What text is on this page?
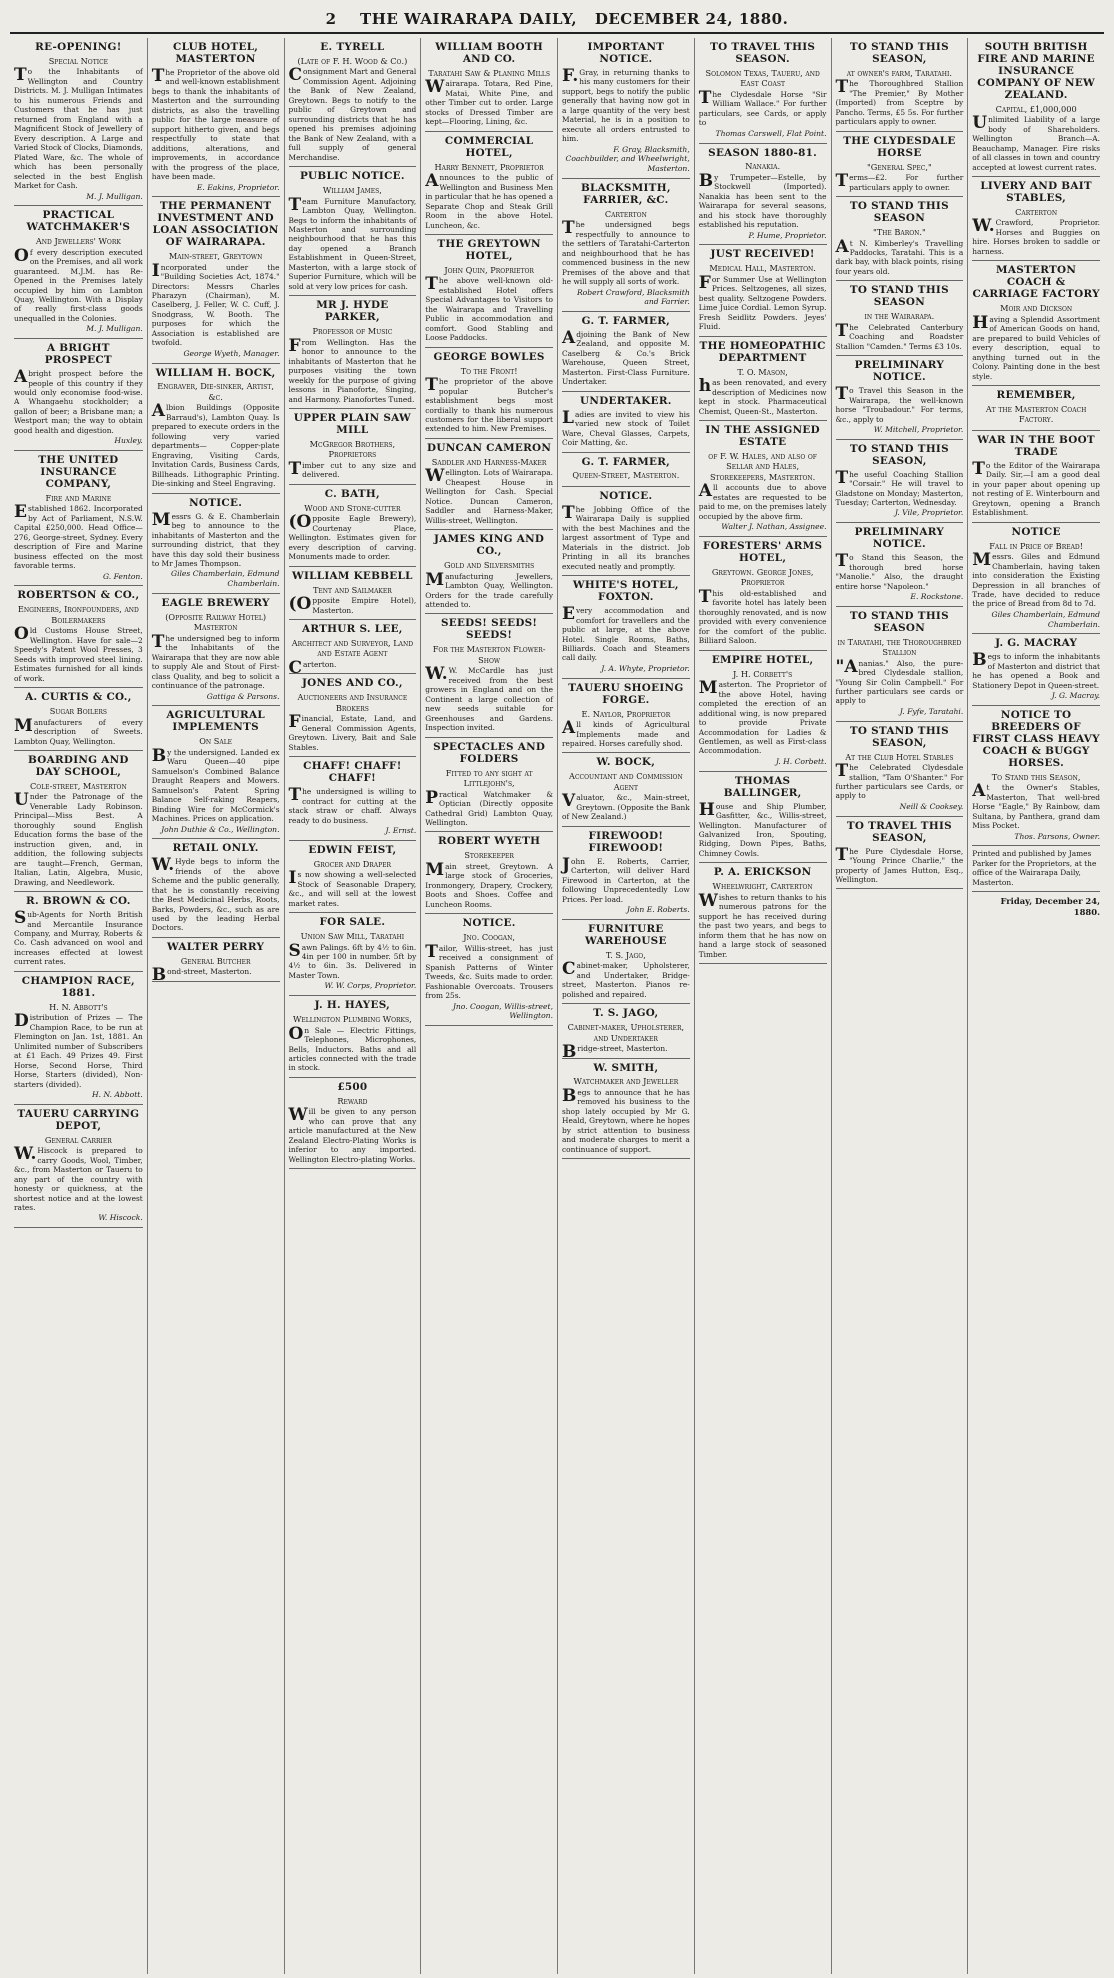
2
THE WAIRARAPA DAILY,
DECEMBER 24, 1880.
RE-OPENING!
Special Notice
To the Inhabitants of Wellington and Country Districts. M. J. Mulligan Intimates to his numerous Friends and Customers that he has just returned from England with a Magnificent Stock of Jewellery of Every description. A Large and Varied Stock of Clocks, Diamonds, Plated Ware, &c. The whole of which has been personally selected in the best English Market for Cash.
M. J. Mulligan.
PRACTICAL WATCHMAKER'S
And Jewellers' Work
Of every description executed on the Premises, and all work guaranteed. M.J.M. has Re-Opened in the Premises lately occupied by him on Lambton Quay, Wellington. With a Display of really first-class goods unequalled in the Colonies.
M. J. Mulligan.
A BRIGHT PROSPECT
Abright prospect before the people of this country if they would only economise food-wise. A Whangaehu stockholder; a gallon of beer; a Brisbane man; a Westport man; the way to obtain good health and digestion.
Huxley.
THE UNITED INSURANCE COMPANY,
Fire and Marine
Established 1862. Incorporated by Act of Parliament, N.S.W. Capital £250,000. Head Office—276, George-street, Sydney. Every description of Fire and Marine business effected on the most favorable terms.
G. Fenton.
ROBERTSON & CO.,
Engineers, Ironfounders, and Boilermakers
Old Customs House Street, Wellington. Have for sale—2 Speedy's Patent Wool Presses, 3 Seeds with improved steel lining. Estimates furnished for all kinds of work.
A. CURTIS & CO.,
Sugar Boilers
Manufacturers of every description of Sweets. Lambton Quay, Wellington.
BOARDING AND DAY SCHOOL,
Cole-street, Masterton
Under the Patronage of the Venerable Lady Robinson. Principal—Miss Best. A thoroughly sound English Education forms the base of the instruction given, and, in addition, the following subjects are taught—French, German, Italian, Latin, Algebra, Music, Drawing, and Needlework.
R. BROWN & CO.
Sub-Agents for North British and Mercantile Insurance Company, and Murray, Roberts & Co. Cash advanced on wool and increases effected at lowest current rates.
CHAMPION RACE, 1881.
H. N. Abbott's
Distribution of Prizes — The Champion Race, to be run at Flemington on Jan. 1st, 1881. An Unlimited number of Subscribers at £1 Each. 49 Prizes 49. First Horse, Second Horse, Third Horse, Starters (divided), Non-starters (divided).
H. N. Abbott.
TAUERU CARRYING DEPOT,
General Carrier
W.Hiscock is prepared to carry Goods, Wool, Timber, &c., from Masterton or Taueru to any part of the country with honesty or quickness, at the shortest notice and at the lowest rates.
W. Hiscock.
CLUB HOTEL, MASTERTON
The Proprietor of the above old and well-known establishment begs to thank the inhabitants of Masterton and the surrounding districts, as also the travelling public for the large measure of support hitherto given, and begs respectfully to state that additions, alterations, and improvements, in accordance with the progress of the place, have been made.
E. Eakins, Proprietor.
THE PERMANENT INVESTMENT AND LOAN ASSOCIATION OF WAIRARAPA.
Main-street, Greytown
Incorporated under the "Building Societies Act, 1874." Directors: Messrs Charles Pharazyn (Chairman), M. Caselberg, J. Feller, W. C. Cuff, J. Snodgrass, W. Booth. The purposes for which the Association is established are twofold.
George Wyeth, Manager.
WILLIAM H. BOCK,
Engraver, Die-sinker, Artist, &c.
Albion Buildings (Opposite Barraud's), Lambton Quay. Is prepared to execute orders in the following very varied departments— Copper-plate Engraving, Visiting Cards, Invitation Cards, Business Cards, Billheads. Lithographic Printing. Die-sinking and Steel Engraving.
NOTICE.
Messrs G. & E. Chamberlain beg to announce to the inhabitants of Masterton and the surrounding district, that they have this day sold their business to Mr James Thompson.
Giles Chamberlain, Edmund Chamberlain.
EAGLE BREWERY
(Opposite Railway Hotel) Masterton
The undersigned beg to inform the Inhabitants of the Wairarapa that they are now able to supply Ale and Stout of First-class Quality, and beg to solicit a continuance of the patronage.
Gattiga & Parsons.
AGRICULTURAL IMPLEMENTS
On Sale
By the undersigned. Landed ex Waru Queen—40 pipe Samuelson's Combined Balance Draught Reapers and Mowers. Samuelson's Patent Spring Balance Self-raking Reapers, Binding Wire for McCormick's Machines. Prices on application.
John Duthie & Co., Wellington.
RETAIL ONLY.
W.Hyde begs to inform the friends of the above Scheme and the public generally, that he is constantly receiving the Best Medicinal Herbs, Roots, Barks, Powders, &c., such as are used by the leading Herbal Doctors.
WALTER PERRY
General Butcher
Bond-street, Masterton.
E. TYRELL
(Late of F. H. Wood & Co.)
Consignment Mart and General Commission Agent. Adjoining the Bank of New Zealand, Greytown. Begs to notify to the public of Greytown and surrounding districts that he has opened his premises adjoining the Bank of New Zealand, with a full supply of general Merchandise.
PUBLIC NOTICE.
William James,
Team Furniture Manufactory, Lambton Quay, Wellington. Begs to inform the inhabitants of Masterton and surrounding neighbourhood that he has this day opened a Branch Establishment in Queen-Street, Masterton, with a large stock of Superior Furniture, which will be sold at very low prices for cash.
MR J. HYDE PARKER,
Professor of Music
From Wellington. Has the honor to announce to the inhabitants of Masterton that he purposes visiting the town weekly for the purpose of giving lessons in Pianoforte, Singing, and Harmony. Pianofortes Tuned.
UPPER PLAIN SAW MILL
McGregor Brothers, Proprietors
Timber cut to any size and delivered.
C. BATH,
Wood and Stone-cutter
(Opposite Eagle Brewery), Courtenay Place, Wellington. Estimates given for every description of carving. Monuments made to order.
WILLIAM KEBBELL
Tent and Sailmaker
(Opposite Empire Hotel), Masterton.
ARTHUR S. LEE,
Architect and Surveyor, Land and Estate Agent
Carterton.
JONES AND CO.,
Auctioneers and Insurance Brokers
Financial, Estate, Land, and General Commission Agents, Greytown. Livery, Bait and Sale Stables.
CHAFF! CHAFF! CHAFF!
The undersigned is willing to contract for cutting at the stack straw or chaff. Always ready to do business.
J. Ernst.
EDWIN FEIST,
Grocer and Draper
Is now showing a well-selected Stock of Seasonable Drapery, &c., and will sell at the lowest market rates.
FOR SALE.
Union Saw Mill, Taratahi
Sawn Palings. 6ft by 4½ to 6in. 4in per 100 in number. 5ft by 4½ to 6in. 3s. Delivered in Master Town.
W. W. Corps, Proprietor.
J. H. HAYES,
Wellington Plumbing Works,
On Sale — Electric Fittings, Telephones, Microphones, Bells, Inductors. Baths and all articles connected with the trade in stock.
£500
Reward
Will be given to any person who can prove that any article manufactured at the New Zealand Electro-Plating Works is inferior to any imported. Wellington Electro-plating Works.
WILLIAM BOOTH AND CO.
Taratahi Saw & Planing Mills
Wairarapa. Totara, Red Pine, Matai, White Pine, and other Timber cut to order. Large stocks of Dressed Timber are kept—Flooring, Lining, &c.
COMMERCIAL HOTEL,
Harry Bennett, Proprietor
Announces to the public of Wellington and Business Men in particular that he has opened a Separate Chop and Steak Grill Room in the above Hotel. Luncheon, &c.
THE GREYTOWN HOTEL,
John Quin, Proprietor
The above well-known old-established Hotel offers Special Advantages to Visitors to the Wairarapa and Travelling Public in accommodation and comfort. Good Stabling and Loose Paddocks.
GEORGE BOWLES
To the Front!
The proprietor of the above popular Butcher's establishment begs most cordially to thank his numerous customers for the liberal support extended to him. New Premises.
DUNCAN CAMERON
Saddler and Harness-Maker
Wellington. Lots of Wairarapa. Cheapest House in Wellington for Cash. Special Notice. Duncan Cameron, Saddler and Harness-Maker, Willis-street, Wellington.
JAMES KING AND CO.,
Gold and Silversmiths
Manufacturing Jewellers, Lambton Quay, Wellington. Orders for the trade carefully attended to.
SEEDS! SEEDS! SEEDS!
For the Masterton Flower-Show
W.W. McCardle has just received from the best growers in England and on the Continent a large collection of new seeds suitable for Greenhouses and Gardens. Inspection invited.
SPECTACLES AND FOLDERS
Fitted to any sight at Littlejohn's,
Practical Watchmaker & Optician (Directly opposite Cathedral Grid) Lambton Quay, Wellington.
ROBERT WYETH
Storekeeper
Main street, Greytown. A large stock of Groceries, Ironmongery, Drapery, Crockery, Boots and Shoes. Coffee and Luncheon Rooms.
NOTICE.
Jno. Coogan,
Tailor, Willis-street, has just received a consignment of Spanish Patterns of Winter Tweeds, &c. Suits made to order. Fashionable Overcoats. Trousers from 25s.
Jno. Coogan, Willis-street, Wellington.
IMPORTANT NOTICE.
F.Gray, in returning thanks to his many customers for their support, begs to notify the public generally that having now got in a large quantity of the very best Material, he is in a position to execute all orders entrusted to him.
F. Gray, Blacksmith, Coachbuilder, and Wheelwright, Masterton.
BLACKSMITH, FARRIER, &C.
Carterton
The undersigned begs respectfully to announce to the settlers of Taratahi-Carterton and neighbourhood that he has commenced business in the new Premises of the above and that he will supply all sorts of work.
Robert Crawford, Blacksmith and Farrier.
G. T. FARMER,
Adjoining the Bank of New Zealand, and opposite M. Caselberg & Co.'s Brick Warehouse, Queen Street, Masterton. First-Class Furniture. Undertaker.
UNDERTAKER.
Ladies are invited to view his varied new stock of Toilet Ware, Cheval Glasses, Carpets, Coir Matting, &c.
G. T. FARMER,
Queen-Street, Masterton.
NOTICE.
The Jobbing Office of the Wairarapa Daily is supplied with the best Machines and the largest assortment of Type and Materials in the district. Job Printing in all its branches executed neatly and promptly.
WHITE'S HOTEL, FOXTON.
Every accommodation and comfort for travellers and the public at large, at the above Hotel. Single Rooms, Baths, Billiards. Coach and Steamers call daily.
J. A. Whyte, Proprietor.
TAUERU SHOEING FORGE.
E. Naylor, Proprietor
All kinds of Agricultural Implements made and repaired. Horses carefully shod.
W. BOCK,
Accountant and Commission Agent
Valuator, &c., Main-street, Greytown. (Opposite the Bank of New Zealand.)
FIREWOOD! FIREWOOD!
John E. Roberts, Carrier, Carterton, will deliver Hard Firewood in Carterton, at the following Unprecedentedly Low Prices. Per load.
John E. Roberts.
FURNITURE WAREHOUSE
T. S. Jago,
Cabinet-maker, Upholsterer, and Undertaker, Bridge-street, Masterton. Pianos re-polished and repaired.
T. S. JAGO,
Cabinet-maker, Upholsterer, and Undertaker
Bridge-street, Masterton.
W. SMITH,
Watchmaker and Jeweller
Begs to announce that he has removed his business to the shop lately occupied by Mr G. Heald, Greytown, where he hopes by strict attention to business and moderate charges to merit a continuance of support.
TO TRAVEL THIS SEASON.
Solomon Texas, Taueru, and East Coast
The Clydesdale Horse "Sir William Wallace." For further particulars, see Cards, or apply to
Thomas Carswell, Flat Point.
SEASON 1880-81.
Nanakia.
By Trumpeter—Estelle, by Stockwell (Imported). Nanakia has been sent to the Wairarapa for several seasons, and his stock have thoroughly established his reputation.
P. Hume, Proprietor.
JUST RECEIVED!
Medical Hall, Masterton.
For Summer Use at Wellington Prices. Seltzogenes, all sizes, best quality. Seltzogene Powders. Lime Juice Cordial. Lemon Syrup. Fresh Seidlitz Powders. Jeyes' Fluid.
THE HOMEOPATHIC DEPARTMENT
T. O. Mason,
has been renovated, and every description of Medicines now kept in stock. Pharmaceutical Chemist, Queen-St., Masterton.
IN THE ASSIGNED ESTATE
of F. W. Hales, and also of Sellar and Hales, Storekeepers, Masterton.
All accounts due to above estates are requested to be paid to me, on the premises lately occupied by the above firm.
Walter J. Nathan, Assignee.
FORESTERS' ARMS HOTEL,
Greytown. George Jones, Proprietor
This old-established and favorite hotel has lately been thoroughly renovated, and is now provided with every convenience for the comfort of the public. Billiard Saloon.
EMPIRE HOTEL,
J. H. Corbett's
Masterton. The Proprietor of the above Hotel, having completed the erection of an additional wing, is now prepared to provide Private Accommodation for Ladies & Gentlemen, as well as First-class Accommodation.
J. H. Corbett.
THOMAS BALLINGER,
House and Ship Plumber, Gasfitter, &c., Willis-street, Wellington. Manufacturer of Galvanized Iron, Spouting, Ridging, Down Pipes, Baths, Chimney Cowls.
P. A. ERICKSON
Wheelwright, Carterton
Wishes to return thanks to his numerous patrons for the support he has received during the past two years, and begs to inform them that he has now on hand a large stock of seasoned Timber.
TO STAND THIS SEASON,
at owner's farm, Taratahi.
The Thoroughbred Stallion "The Premier," By Mother (Imported) from Sceptre by Pancho. Terms, £5 5s. For further particulars apply to owner.
THE CLYDESDALE HORSE
"General Spec,"
Terms—£2. For further particulars apply to owner.
TO STAND THIS SEASON
"The Baron."
At N. Kimberley's Travelling Paddocks, Taratahi. This is a dark bay, with black points, rising four years old.
TO STAND THIS SEASON
in the Wairarapa.
The Celebrated Canterbury Coaching and Roadster Stallion "Camden." Terms £3 10s.
PRELIMINARY NOTICE.
To Travel this Season in the Wairarapa, the well-known horse "Troubadour." For terms, &c., apply to
W. Mitchell, Proprietor.
TO STAND THIS SEASON,
The useful Coaching Stallion "Corsair." He will travel to Gladstone on Monday; Masterton, Tuesday; Carterton, Wednesday.
J. Vile, Proprietor.
PRELIMINARY NOTICE.
To Stand this Season, the thorough bred horse "Manolie." Also, the draught entire horse "Napoleon."
E. Rockstone.
TO STAND THIS SEASON
in Taratahi, the Thoroughbred Stallion
"Ananias." Also, the pure-bred Clydesdale stallion, "Young Sir Colin Campbell." For further particulars see cards or apply to
J. Fyfe, Taratahi.
TO STAND THIS SEASON,
At the Club Hotel Stables
The Celebrated Clydesdale stallion, "Tam O'Shanter." For further particulars see Cards, or apply to
Neill & Cooksey.
TO TRAVEL THIS SEASON,
The Pure Clydesdale Horse, "Young Prince Charlie," the property of James Hutton, Esq., Wellington.
SOUTH BRITISH FIRE AND MARINE INSURANCE COMPANY OF NEW ZEALAND.
Capital, £1,000,000
Unlimited Liability of a large body of Shareholders. Wellington Branch—A. Beauchamp, Manager. Fire risks of all classes in town and country accepted at lowest current rates.
LIVERY AND BAIT STABLES,
Carterton
W.Crawford, Proprietor. Horses and Buggies on hire. Horses broken to saddle or harness.
MASTERTON COACH & CARRIAGE FACTORY
Moir and Dickson
Having a Splendid Assortment of American Goods on hand, are prepared to build Vehicles of every description, equal to anything turned out in the Colony. Painting done in the best style.
REMEMBER,
At the Masterton Coach Factory.
WAR IN THE BOOT TRADE
To the Editor of the Wairarapa Daily. Sir,—I am a good deal in your paper about opening up not resting of E. Winterbourn and Greytown, opening a Branch Establishment.
NOTICE
Fall in Price of Bread!
Messrs. Giles and Edmund Chamberlain, having taken into consideration the Existing Depression in all branches of Trade, have decided to reduce the price of Bread from 8d to 7d.
Giles Chamberlain, Edmund Chamberlain.
J. G. MACRAY
Begs to inform the inhabitants of Masterton and district that he has opened a Book and Stationery Depot in Queen-street.
J. G. Macray.
NOTICE TO BREEDERS OF FIRST CLASS HEAVY COACH & BUGGY HORSES.
To Stand this Season,
At the Owner's Stables, Masterton, That well-bred Horse "Eagle," By Rainbow, dam Sultana, by Panthera, grand dam Miss Pocket.
Thos. Parsons, Owner.
Printed and published by James Parker for the Proprietors, at the office of the Wairarapa Daily, Masterton.
Friday, December 24, 1880.
